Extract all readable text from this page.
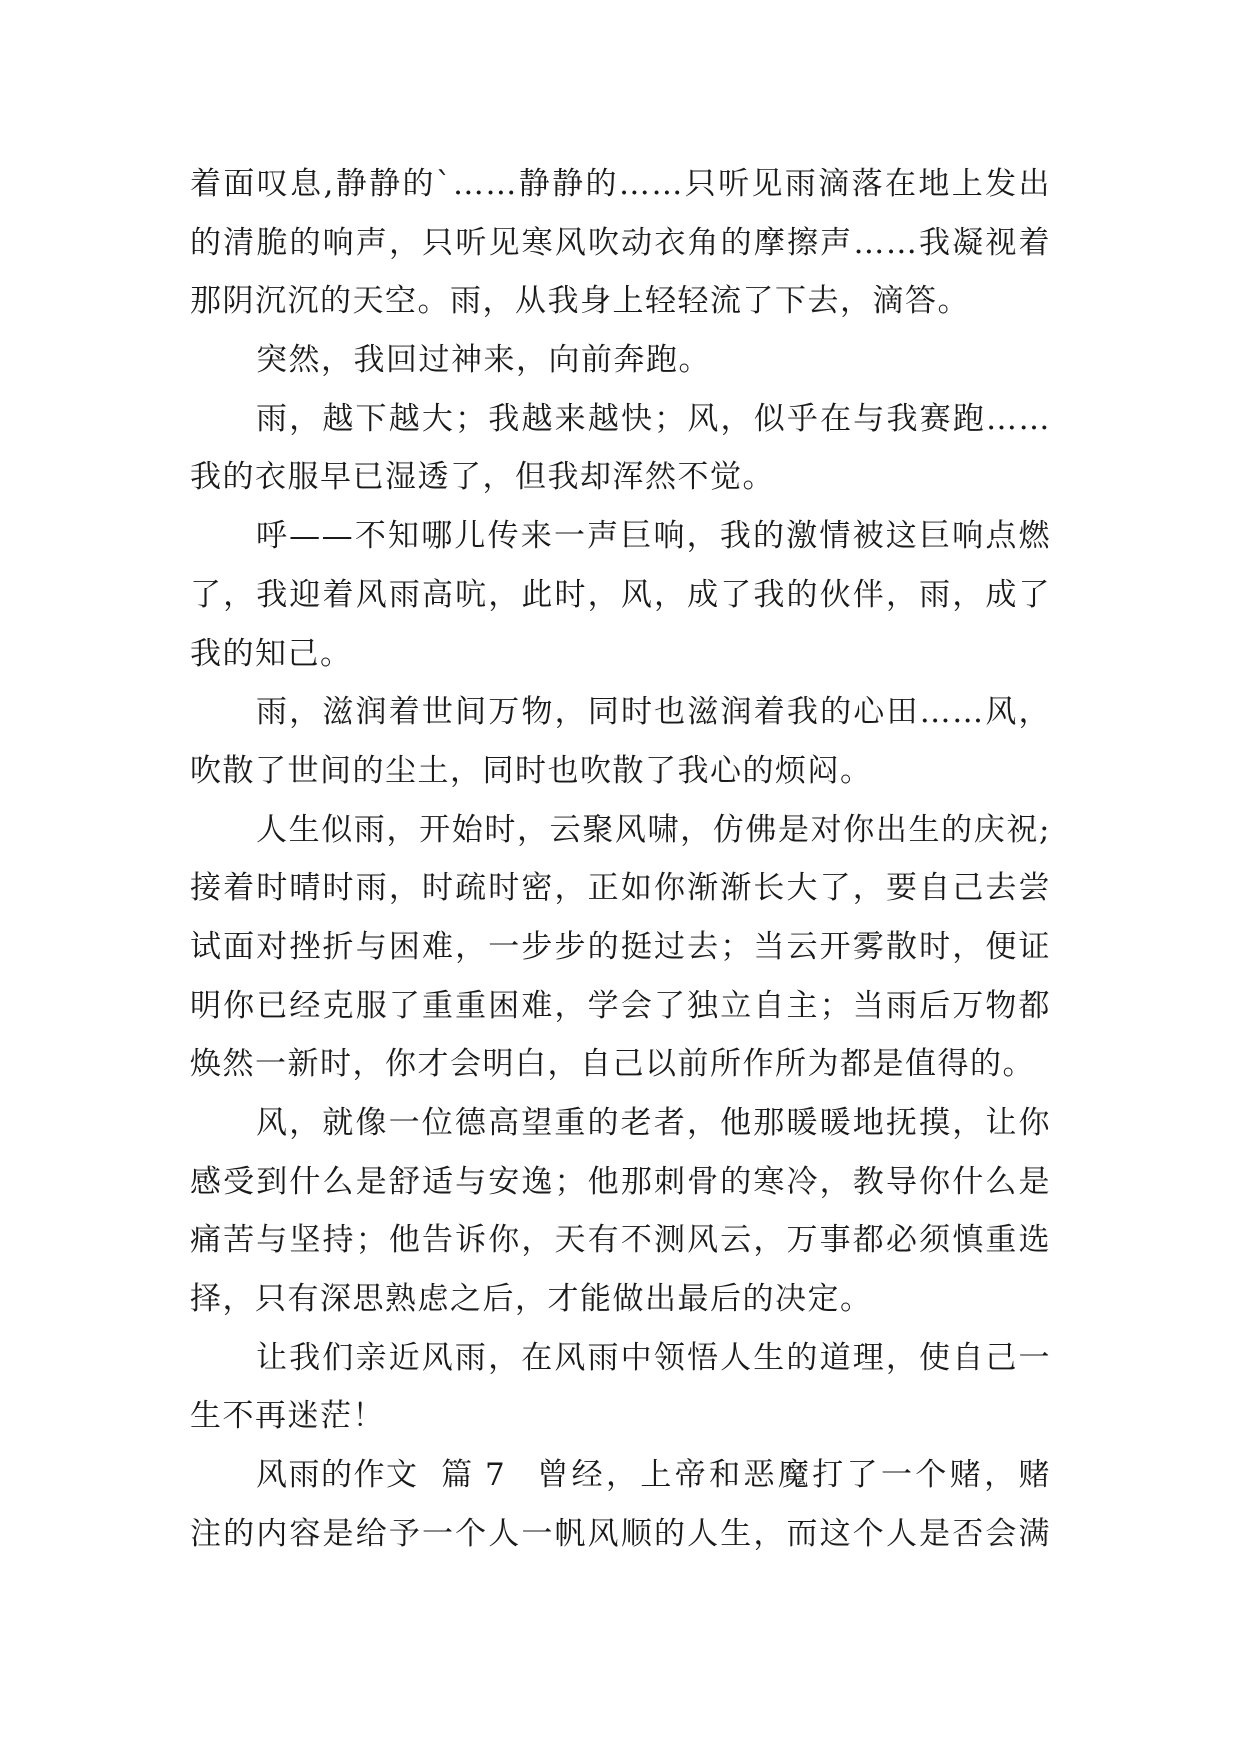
着面叹息,静静的`……静静的……只听见雨滴落在地上发出
的清脆的响声，只听见寒风吹动衣角的摩擦声……我凝视着
那阴沉沉的天空。雨，从我身上轻轻流了下去，滴答。
突然，我回过神来，向前奔跑。
雨，越下越大；我越来越快；风，似乎在与我赛跑……
我的衣服早已湿透了，但我却浑然不觉。
呼——不知哪儿传来一声巨响，我的激情被这巨响点燃
了，我迎着风雨高吭，此时，风，成了我的伙伴，雨，成了
我的知己。
雨，滋润着世间万物，同时也滋润着我的心田……风，
吹散了世间的尘土，同时也吹散了我心的烦闷。
人生似雨，开始时，云聚风啸，仿佛是对你出生的庆祝;
接着时晴时雨，时疏时密，正如你渐渐长大了，要自己去尝
试面对挫折与困难，一步步的挺过去；当云开雾散时，便证
明你已经克服了重重困难，学会了独立自主；当雨后万物都
焕然一新时，你才会明白，自己以前所作所为都是值得的。
风，就像一位德高望重的老者，他那暖暖地抚摸，让你
感受到什么是舒适与安逸；他那刺骨的寒冷，教导你什么是
痛苦与坚持；他告诉你，天有不测风云，万事都必须慎重选
择，只有深思熟虑之后，才能做出最后的决定。
让我们亲近风雨，在风雨中领悟人生的道理，使自己一
生不再迷茫！
风雨的作文  篇 7 曾经，上帝和恶魔打了一个赌，赌
注的内容是给予一个人一帆风顺的人生，而这个人是否会满
